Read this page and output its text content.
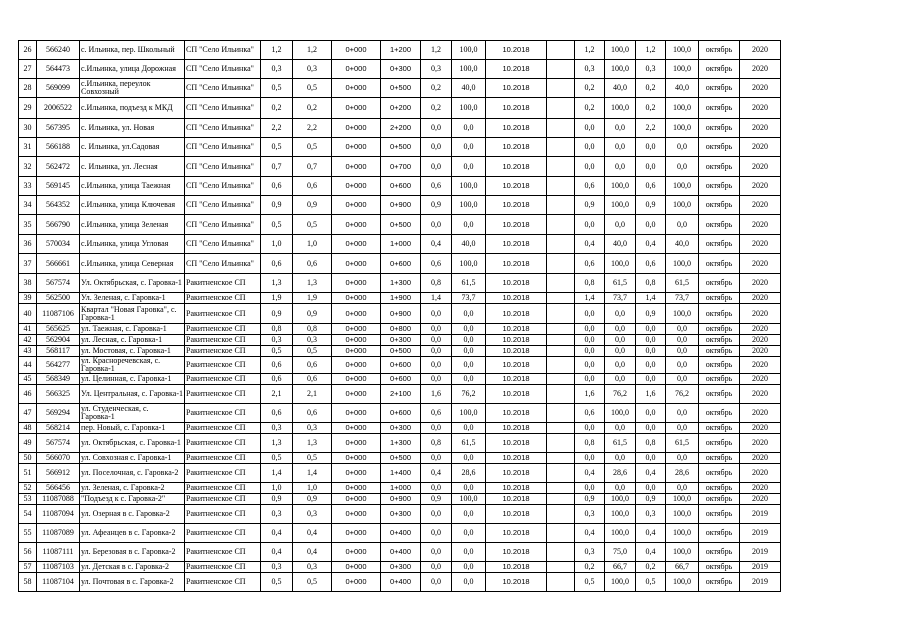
26	566240	с. Ильинка, пер. Школьный	СП "Село Ильинка"	1,2	1,2	0+000	1+200	1,2	100,0	10.2018		1,2	100,0	1,2	100,0	октябрь	2020
27	564473	с.Ильинка, улица Дорожная	СП "Село Ильинка"	0,3	0,3	0+000	0+300	0,3	100,0	10.2018		0,3	100,0	0,3	100,0	октябрь	2020
28	569099	с.Ильинка, переулок Совхозный	СП "Село Ильинка"	0,5	0,5	0+000	0+500	0,2	40,0	10.2018		0,2	40,0	0,2	40,0	октябрь	2020
29	2006522	с.Ильинка, подъезд к МКД	СП "Село Ильинка"	0,2	0,2	0+000	0+200	0,2	100,0	10.2018		0,2	100,0	0,2	100,0	октябрь	2020
30	567395	с. Ильинка, ул. Новая	СП "Село Ильинка"	2,2	2,2	0+000	2+200	0,0	0,0	10.2018		0,0	0,0	2,2	100,0	октябрь	2020
31	566188	с. Ильинка, ул.Садовая	СП "Село Ильинка"	0,5	0,5	0+000	0+500	0,0	0,0	10.2018		0,0	0,0	0,0	0,0	октябрь	2020
32	562472	с. Ильинка, ул. Лесная	СП "Село Ильинка"	0,7	0,7	0+000	0+700	0,0	0,0	10.2018		0,0	0,0	0,0	0,0	октябрь	2020
33	569145	с.Ильинка, улица Таежная	СП "Село Ильинка"	0,6	0,6	0+000	0+600	0,6	100,0	10.2018		0,6	100,0	0,6	100,0	октябрь	2020
34	564352	с.Ильинка, улица Ключевая	СП "Село Ильинка"	0,9	0,9	0+000	0+900	0,9	100,0	10.2018		0,9	100,0	0,9	100,0	октябрь	2020
35	566790	с.Ильинка, улица Зеленая	СП "Село Ильинка"	0,5	0,5	0+000	0+500	0,0	0,0	10.2018		0,0	0,0	0,0	0,0	октябрь	2020
36	570034	с.Ильинка, улица Угловая	СП "Село Ильинка"	1,0	1,0	0+000	1+000	0,4	40,0	10.2018		0,4	40,0	0,4	40,0	октябрь	2020
37	566661	с.Ильинка, улица Северная	СП "Село Ильинка"	0,6	0,6	0+000	0+600	0,6	100,0	10.2018		0,6	100,0	0,6	100,0	октябрь	2020
38	567574	Ул. Октябрьская, с. Гаровка-1	Ракитненское СП	1,3	1,3	0+000	1+300	0,8	61,5	10.2018		0,8	61,5	0,8	61,5	октябрь	2020
39	562500	Ул. Зеленая, с. Гаровка-1	Ракитненское СП	1,9	1,9	0+000	1+900	1,4	73,7	10.2018		1,4	73,7	1,4	73,7	октябрь	2020
40	11087106	Квартал "Новая Гаровка", с. Гаровка-1	Ракитненское СП	0,9	0,9	0+000	0+900	0,0	0,0	10.2018		0,0	0,0	0,9	100,0	октябрь	2020
41	565625	ул. Таежная, с. Гаровка-1	Ракитненское СП	0,8	0,8	0+000	0+800	0,0	0,0	10.2018		0,0	0,0	0,0	0,0	октябрь	2020
42	562904	ул. Лесная, с. Гаровка-1	Ракитненское СП	0,3	0,3	0+000	0+300	0,0	0,0	10.2018		0,0	0,0	0,0	0,0	октябрь	2020
43	568117	ул. Мостовая, с. Гаровка-1	Ракитненское СП	0,5	0,5	0+000	0+500	0,0	0,0	10.2018		0,0	0,0	0,0	0,0	октябрь	2020
44	564277	ул. Красноречевская, с. Гаровка-1	Ракитненское СП	0,6	0,6	0+000	0+600	0,0	0,0	10.2018		0,0	0,0	0,0	0,0	октябрь	2020
45	568349	ул. Целинная, с. Гаровка-1	Ракитненское СП	0,6	0,6	0+000	0+600	0,0	0,0	10.2018		0,0	0,0	0,0	0,0	октябрь	2020
46	566325	Ул. Центральная, с. Гаровка-1	Ракитненское СП	2,1	2,1	0+000	2+100	1,6	76,2	10.2018		1,6	76,2	1,6	76,2	октябрь	2020
47	569294	ул. Студенческая, с. Гаровка-1	Ракитненское СП	0,6	0,6	0+000	0+600	0,6	100,0	10.2018		0,6	100,0	0,0	0,0	октябрь	2020
48	568214	пер. Новый, с. Гаровка-1	Ракитненское СП	0,3	0,3	0+000	0+300	0,0	0,0	10.2018		0,0	0,0	0,0	0,0	октябрь	2020
49	567574	ул. Октябрьская, с. Гаровка-1	Ракитненское СП	1,3	1,3	0+000	1+300	0,8	61,5	10.2018		0,8	61,5	0,8	61,5	октябрь	2020
50	566070	ул. Совхозная с. Гаровка-1	Ракитненское СП	0,5	0,5	0+000	0+500	0,0	0,0	10.2018		0,0	0,0	0,0	0,0	октябрь	2020
51	566912	ул. Поселочная, с. Гаровка-2	Ракитненское СП	1,4	1,4	0+000	1+400	0,4	28,6	10.2018		0,4	28,6	0,4	28,6	октябрь	2020
52	566456	ул. Зеленая, с. Гаровка-2	Ракитненское СП	1,0	1,0	0+000	1+000	0,0	0,0	10.2018		0,0	0,0	0,0	0,0	октябрь	2020
53	11087088	"Подъезд к с. Гаровка-2"	Ракитненское СП	0,9	0,9	0+000	0+900	0,9	100,0	10.2018		0,9	100,0	0,9	100,0	октябрь	2020
54	11087094	ул. Озерная в с. Гаровка-2	Ракитненское СП	0,3	0,3	0+000	0+300	0,0	0,0	10.2018		0,3	100,0	0,3	100,0	октябрь	2019
55	11087089	ул. Афеанцев в с. Гаровка-2	Ракитненское СП	0,4	0,4	0+000	0+400	0,0	0,0	10.2018		0,4	100,0	0,4	100,0	октябрь	2019
56	11087111	ул. Березовая в с. Гаровка-2	Ракитненское СП	0,4	0,4	0+000	0+400	0,0	0,0	10.2018		0,3	75,0	0,4	100,0	октябрь	2019
57	11087103	ул. Детская в с. Гаровка-2	Ракитненское СП	0,3	0,3	0+000	0+300	0,0	0,0	10.2018		0,2	66,7	0,2	66,7	октябрь	2019
58	11087104	ул. Почтовая в с. Гаровка-2	Ракитненское СП	0,5	0,5	0+000	0+400	0,0	0,0	10.2018		0,5	100,0	0,5	100,0	октябрь	2019
